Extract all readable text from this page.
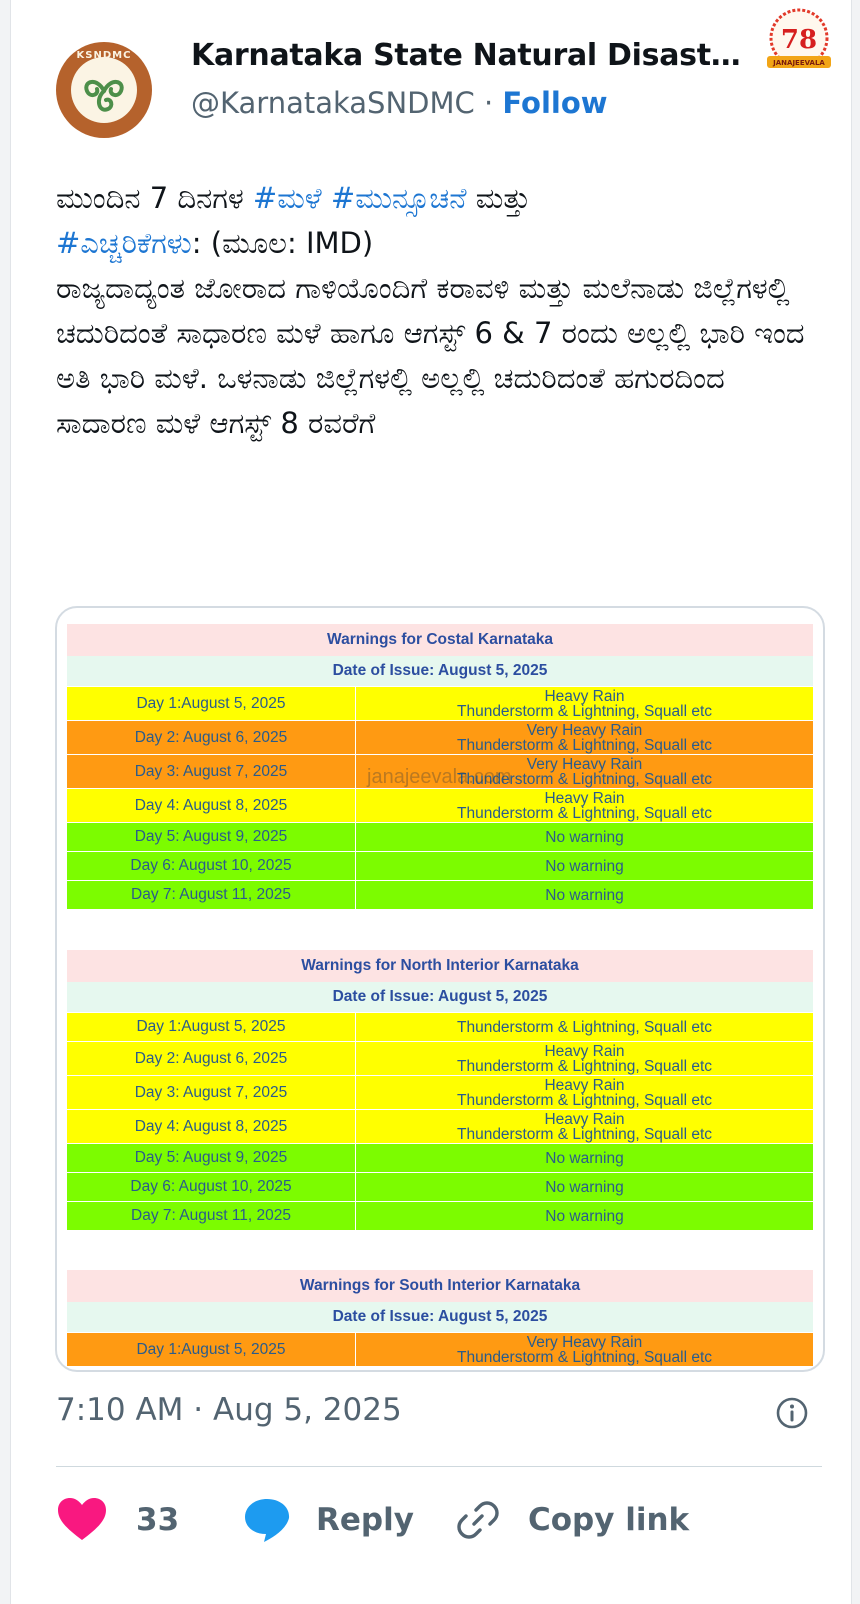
KSNDMC	Karnataka State Natural Disast…
@KarnatakaSNDMC · Follow
78
JANAJEEVALA

ಮುಂದಿನ 7 ದಿನಗಳ #ಮಳೆ #ಮುನ್ಸೂಚನೆ ಮತ್ತು

#ಎಚ್ಚರಿಕೆಗಳು: (ಮೂಲ: IMD)

ರಾಜ್ಯದಾದ್ಯಂತ ಜೋರಾದ ಗಾಳಿಯೊಂದಿಗೆ ಕರಾವಳಿ ಮತ್ತು ಮಲೆನಾಡು ಜಿಲ್ಲೆಗಳಲ್ಲಿ ಚದುರಿದಂತೆ ಸಾಧಾರಣ ಮಳೆ ಹಾಗೂ ಆಗಸ್ಟ್ 6 & 7 ರಂದು ಅಲ್ಲಲ್ಲಿ ಭಾರಿ ಇಂದ ಅತಿ ಭಾರಿ ಮಳೆ. ಒಳನಾಡು ಜಿಲ್ಲೆಗಳಲ್ಲಿ ಅಲ್ಲಲ್ಲಿ ಚದುರಿದಂತೆ ಹಗುರದಿಂದ ಸಾದಾರಣ ಮಳೆ ಆಗಸ್ಟ್ 8 ರವರೆಗೆ

Warnings for Costal Karnataka
Date of Issue: August 5, 2025
Day 1:August 5, 2025	Heavy Rain
Thunderstorm & Lightning, Squall etc
Day 2: August 6, 2025	Very Heavy Rain
Thunderstorm & Lightning, Squall etc
Day 3: August 7, 2025	Very Heavy Rain
Thunderstorm & Lightning, Squall etc
Day 4: August 8, 2025	Heavy Rain
Thunderstorm & Lightning, Squall etc
Day 5: August 9, 2025	No warning
Day 6: August 10, 2025	No warning
Day 7: August 11, 2025	No warning
Warnings for North Interior Karnataka
Date of Issue: August 5, 2025
Day 1:August 5, 2025	Thunderstorm & Lightning, Squall etc
Day 2: August 6, 2025	Heavy Rain
Thunderstorm & Lightning, Squall etc
Day 3: August 7, 2025	Heavy Rain
Thunderstorm & Lightning, Squall etc
Day 4: August 8, 2025	Heavy Rain
Thunderstorm & Lightning, Squall etc
Day 5: August 9, 2025	No warning
Day 6: August 10, 2025	No warning
Day 7: August 11, 2025	No warning
Warnings for South Interior Karnataka
Date of Issue: August 5, 2025
Day 1:August 5, 2025	Very Heavy Rain
Thunderstorm & Lightning, Squall etc
janajeevala.com
7:10 AM · Aug 5, 2025
33	Reply	Copy link
